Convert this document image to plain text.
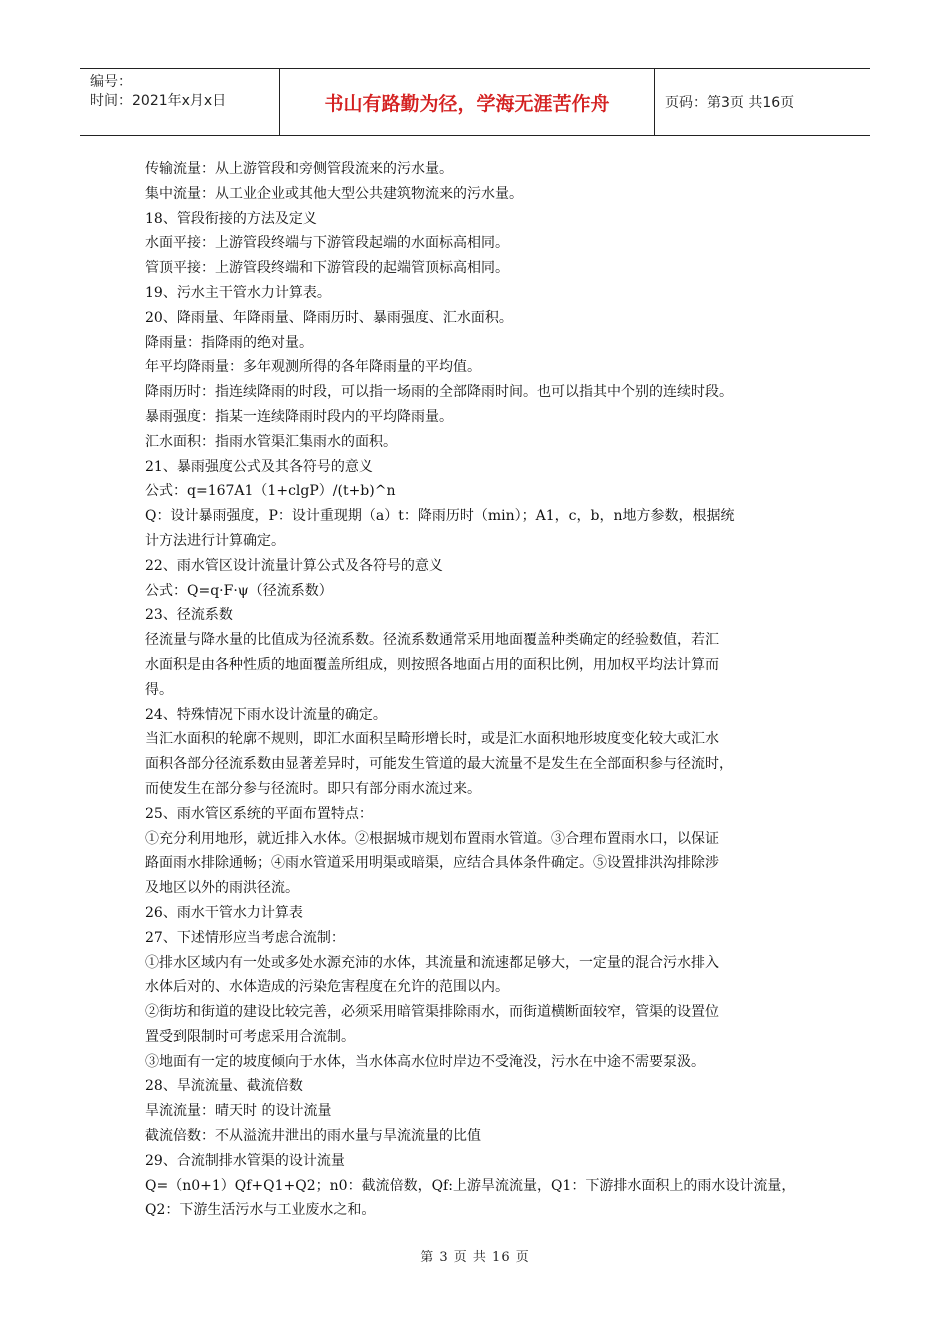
编号：
时间：2021年x月x日	书山有路勤为径，学海无涯苦作舟	页码：第3页 共16页

传输流量：从上游管段和旁侧管段流来的污水量。

集中流量：从工业企业或其他大型公共建筑物流来的污水量。

18、管段衔接的方法及定义

水面平接：上游管段终端与下游管段起端的水面标高相同。

管顶平接：上游管段终端和下游管段的起端管顶标高相同。

19、污水主干管水力计算表。

20、降雨量、年降雨量、降雨历时、暴雨强度、汇水面积。

降雨量：指降雨的绝对量。

年平均降雨量：多年观测所得的各年降雨量的平均值。

降雨历时：指连续降雨的时段，可以指一场雨的全部降雨时间。也可以指其中个别的连续时段。

暴雨强度：指某一连续降雨时段内的平均降雨量。

汇水面积：指雨水管渠汇集雨水的面积。

21、暴雨强度公式及其各符号的意义

公式：q=167A1（1+clgP）/(t+b)^n

Q：设计暴雨强度，P：设计重现期（a）t：降雨历时（min）；A1，c，b，n地方参数，根据统

计方法进行计算确定。

22、雨水管区设计流量计算公式及各符号的意义

公式：Q=q·F·ψ（径流系数）

23、径流系数

径流量与降水量的比值成为径流系数。径流系数通常采用地面覆盖种类确定的经验数值，若汇

水面积是由各种性质的地面覆盖所组成，则按照各地面占用的面积比例，用加权平均法计算而

得。

24、特殊情况下雨水设计流量的确定。

当汇水面积的轮廓不规则，即汇水面积呈畸形增长时，或是汇水面积地形坡度变化较大或汇水

面积各部分径流系数由显著差异时，可能发生管道的最大流量不是发生在全部面积参与径流时，

而使发生在部分参与径流时。即只有部分雨水流过来。

25、雨水管区系统的平面布置特点：

①充分利用地形，就近排入水体。②根据城市规划布置雨水管道。③合理布置雨水口，以保证

路面雨水排除通畅；④雨水管道采用明渠或暗渠，应结合具体条件确定。⑤设置排洪沟排除涉

及地区以外的雨洪径流。

26、雨水干管水力计算表

27、下述情形应当考虑合流制：

①排水区域内有一处或多处水源充沛的水体，其流量和流速都足够大，一定量的混合污水排入

水体后对的、水体造成的污染危害程度在允许的范围以内。

②街坊和街道的建设比较完善，必须采用暗管渠排除雨水，而街道横断面较窄，管渠的设置位

置受到限制时可考虑采用合流制。

③地面有一定的坡度倾向于水体，当水体高水位时岸边不受淹没，污水在中途不需要泵汲。

28、旱流流量、截流倍数

旱流流量：晴天时 的设计流量

截流倍数：不从溢流井泄出的雨水量与旱流流量的比值

29、合流制排水管渠的设计流量

Q=（n0+1）Qf+Q1+Q2；n0：截流倍数，Qf:上游旱流流量，Q1：下游排水面积上的雨水设计流量，

Q2：下游生活污水与工业废水之和。

第 3 页 共 16 页
